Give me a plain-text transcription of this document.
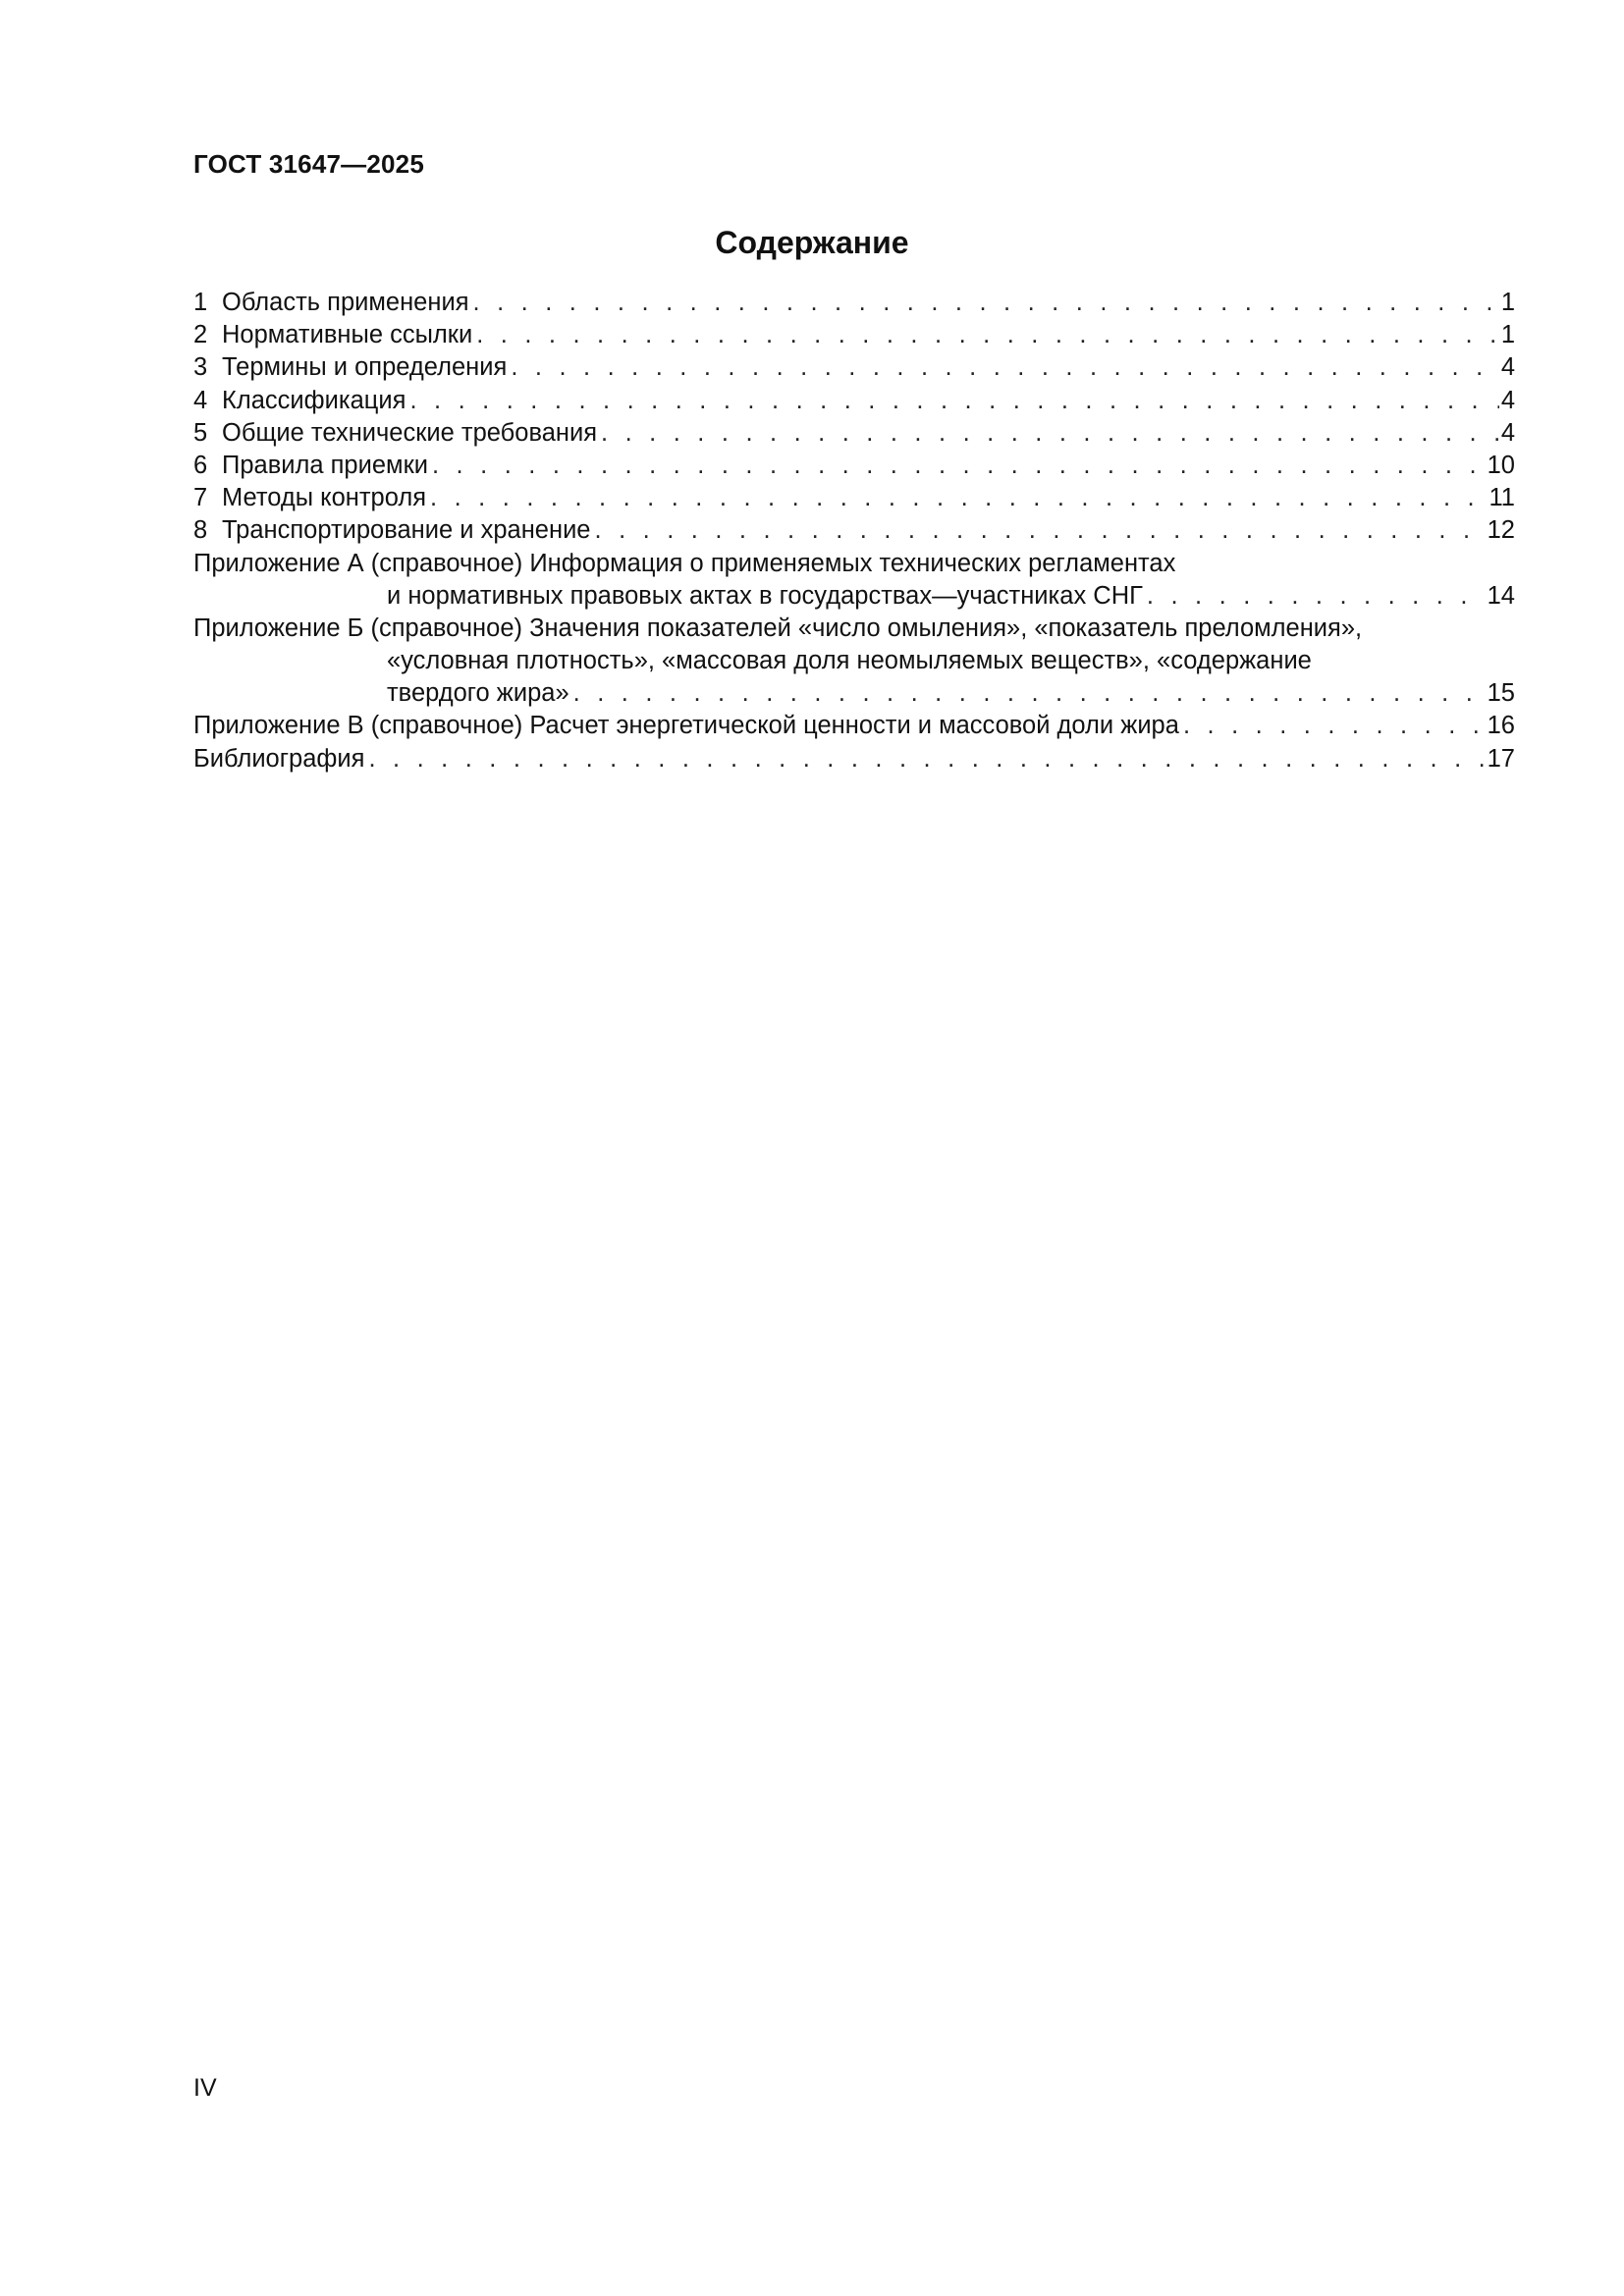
ГОСТ 31647—2025
Содержание
1 Область применения . . .	1
2 Нормативные ссылки . . .	1
3 Термины и определения . . .	4
4 Классификация . . .	4
5 Общие технические требования . . .	4
6 Правила приемки . . .	10
7 Методы контроля . . .	11
8 Транспортирование и хранение . . .	12
Приложение А (справочное) Информация о применяемых технических регламентах
и нормативных правовых актах в государствах—участниках СНГ . . .	14
Приложение Б (справочное) Значения показателей «число омыления», «показатель преломления»,
«условная плотность», «массовая доля неомыляемых веществ», «содержание
твердого жира» . . .	15
Приложение В (справочное) Расчет энергетической ценности и массовой доли жира . . .	16
Библиография . . .	17
IV
